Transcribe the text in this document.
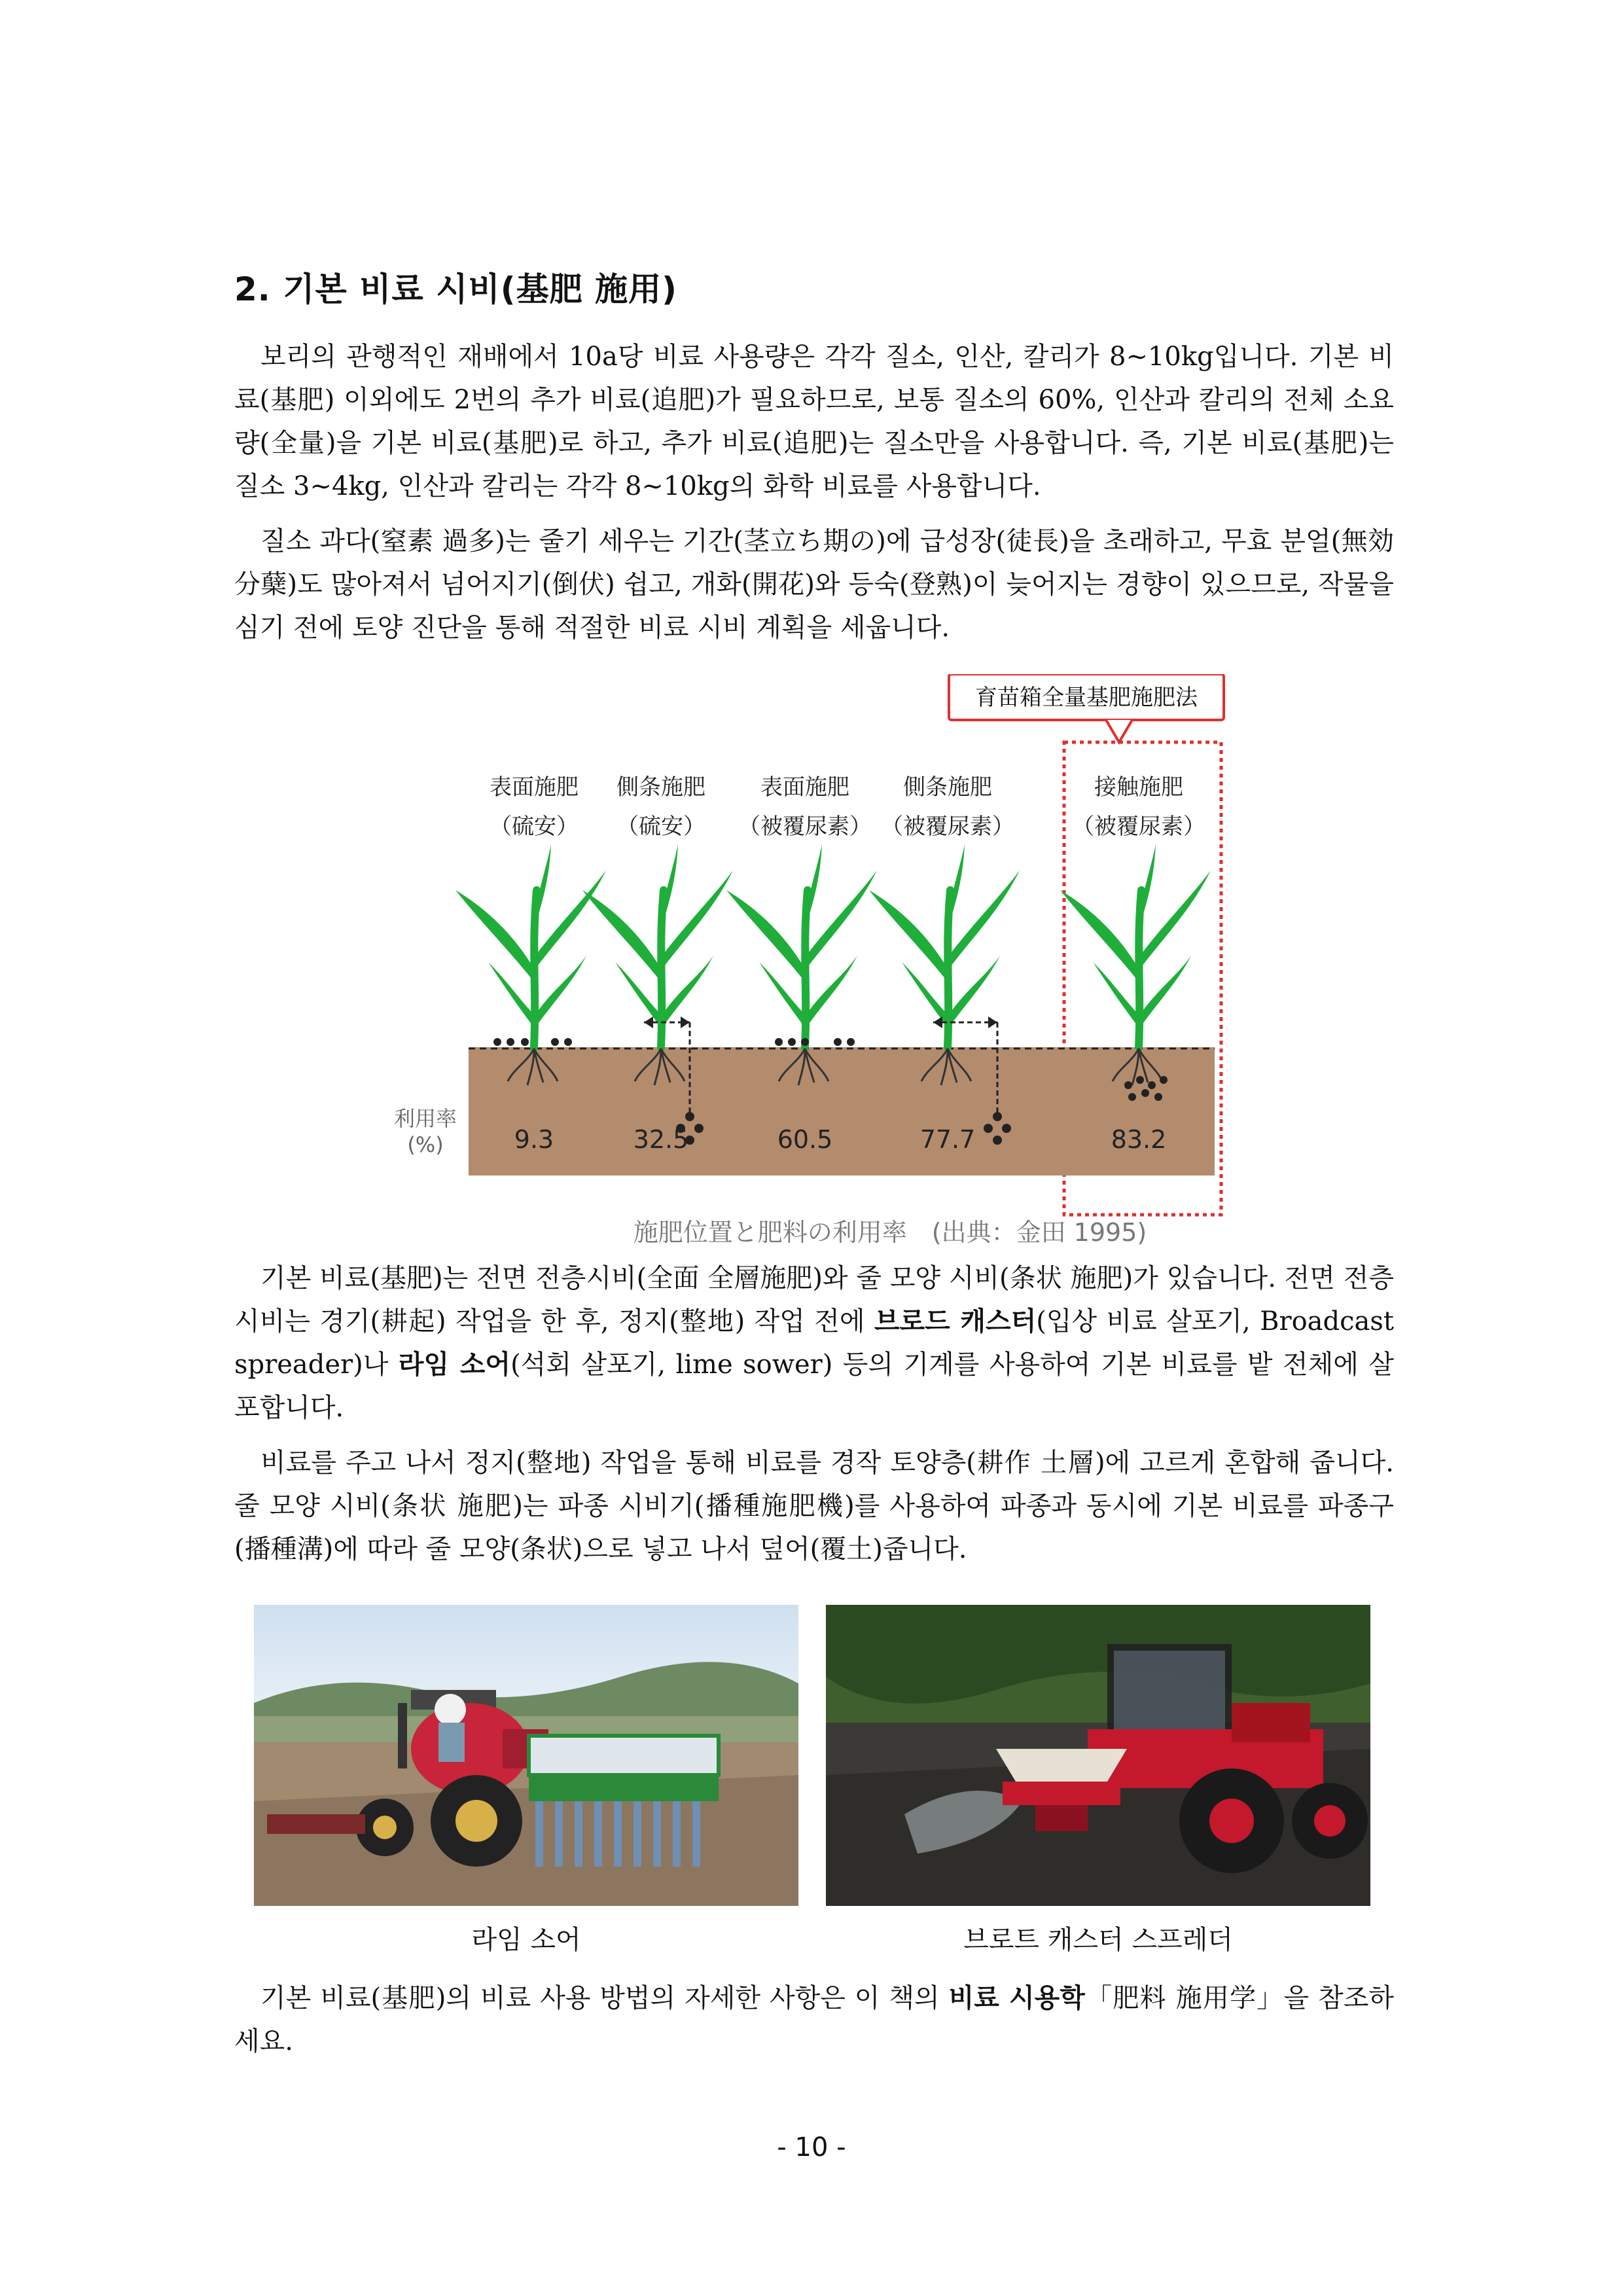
2. 기본 비료 시비(基肥 施用)

보리의 관행적인 재배에서 10a당 비료 사용량은 각각 질소, 인산, 칼리가 8~10kg입니다. 기본 비료(基肥) 이외에도 2번의 추가 비료(追肥)가 필요하므로, 보통 질소의 60%, 인산과 칼리의 전체 소요량(全量)을 기본 비료(基肥)로 하고, 추가 비료(追肥)는 질소만을 사용합니다. 즉, 기본 비료(基肥)는 질소 3~4kg, 인산과 칼리는 각각 8~10kg의 화학 비료를 사용합니다.

질소 과다(窒素 過多)는 줄기 세우는 기간(茎立ち期の)에 급성장(徒長)을 초래하고, 무효 분얼(無効 分蘖)도 많아져서 넘어지기(倒伏) 쉽고, 개화(開花)와 등숙(登熟)이 늦어지는 경향이 있으므로, 작물을 심기 전에 토양 진단을 통해 적절한 비료 시비 계획을 세웁니다.

育苗箱全量基肥施肥法
表面施肥
（硫安）
側条施肥
（硫安）
表面施肥
（被覆尿素）
側条施肥
（被覆尿素）
接触施肥
（被覆尿素）
利用率
(%)	9.3	32.5	60.5	77.7	83.2
施肥位置と肥料の利用率　(出典：金田 1995)

기본 비료(基肥)는 전면 전층시비(全面 全層施肥)와 줄 모양 시비(条状 施肥)가 있습니다. 전면 전층시비는 경기(耕起) 작업을 한 후, 정지(整地) 작업 전에 브로드 캐스터(입상 비료 살포기, Broadcast spreader)나 라임 소어(석회 살포기, lime sower) 등의 기계를 사용하여 기본 비료를 밭 전체에 살포합니다.

비료를 주고 나서 정지(整地) 작업을 통해 비료를 경작 토양층(耕作 土層)에 고르게 혼합해 줍니다. 줄 모양 시비(条状 施肥)는 파종 시비기(播種施肥機)를 사용하여 파종과 동시에 기본 비료를 파종구(播種溝)에 따라 줄 모양(条状)으로 넣고 나서 덮어(覆土)줍니다.

라임 소어	브로트 캐스터 스프레더

기본 비료(基肥)의 비료 사용 방법의 자세한 사항은 이 책의 비료 시용학「肥料 施用学」을 참조하세요.

- 10 -
